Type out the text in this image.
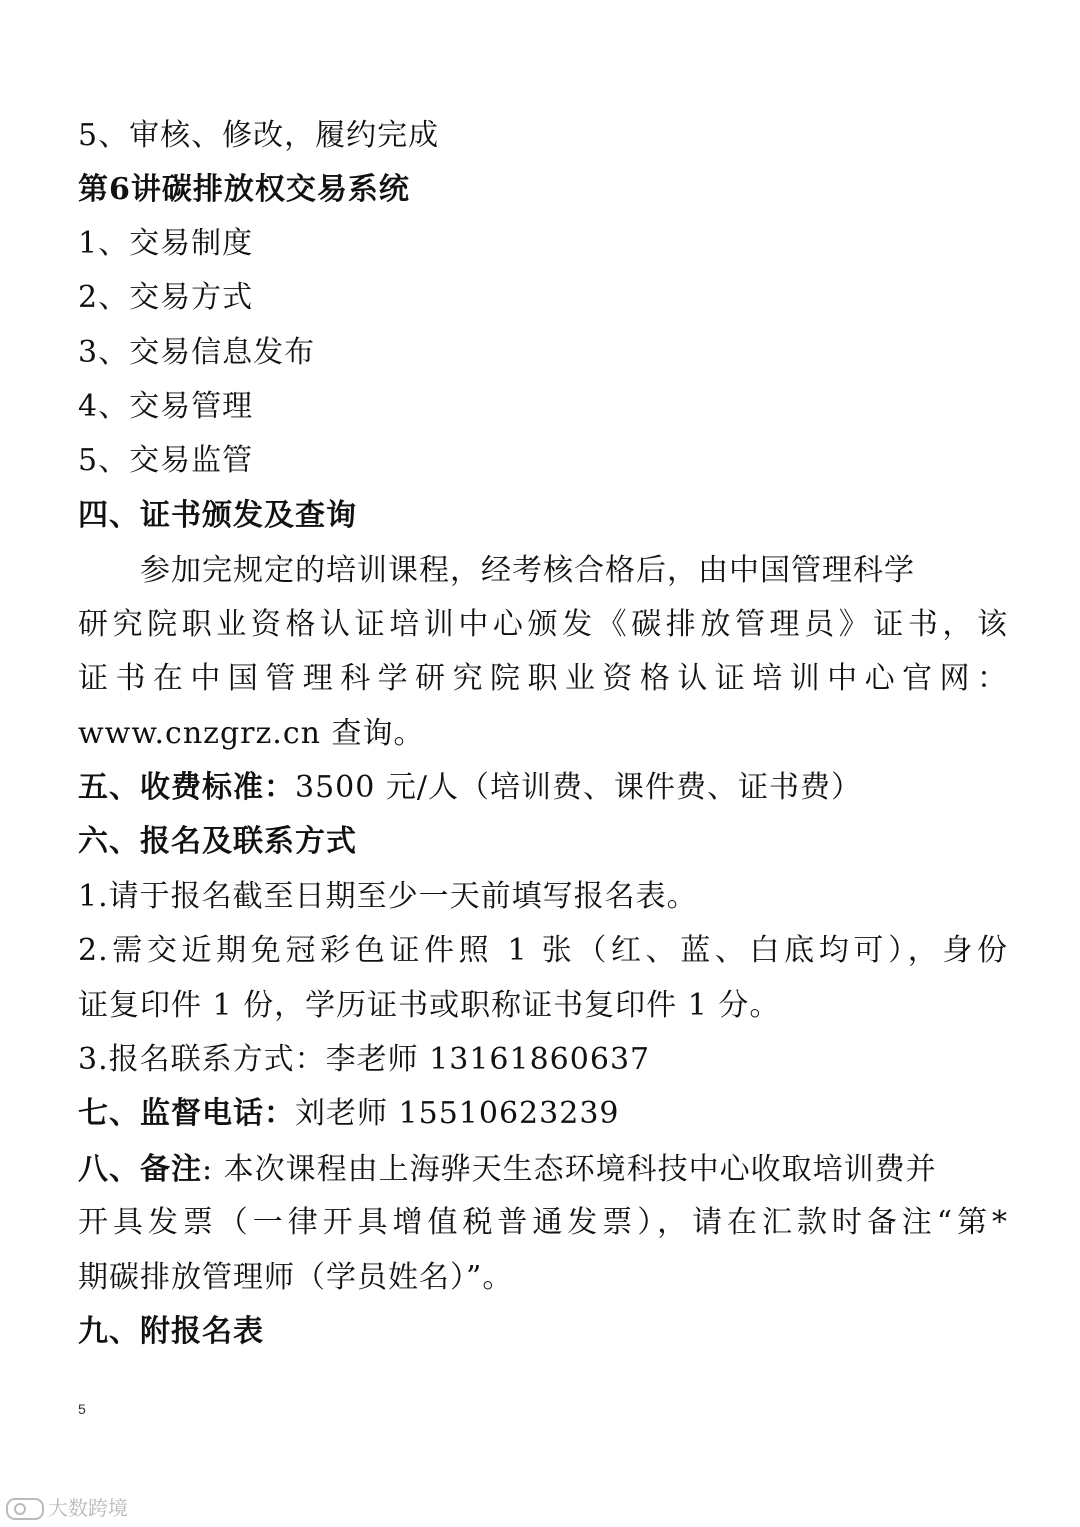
5、审核、修改，履约完成
第6讲碳排放权交易系统
1、交易制度
2、交易方式
3、交易信息发布
4、交易管理
5、交易监管
四、证书颁发及查询
参加完规定的培训课程，经考核合格后，由中国管理科学
研究院职业资格认证培训中心颁发《碳排放管理员》证书，该
证书在中国管理科学研究院职业资格认证培训中心官网：
www.cnzgrz.cn 查询。
五、收费标准：3500 元/人（培训费、课件费、证书费）
六、报名及联系方式
1.请于报名截至日期至少一天前填写报名表。
2.需交近期免冠彩色证件照 1 张（红、蓝、白底均可），身份
证复印件 1 份，学历证书或职称证书复印件 1 分。
3.报名联系方式：李老师 13161860637
七、监督电话：刘老师 15510623239
八、备注: 本次课程由上海骅天生态环境科技中心收取培训费并
开具发票（一律开具增值税普通发票），请在汇款时备注“第*
期碳排放管理师（学员姓名）”。
九、附报名表
5
大数跨境
